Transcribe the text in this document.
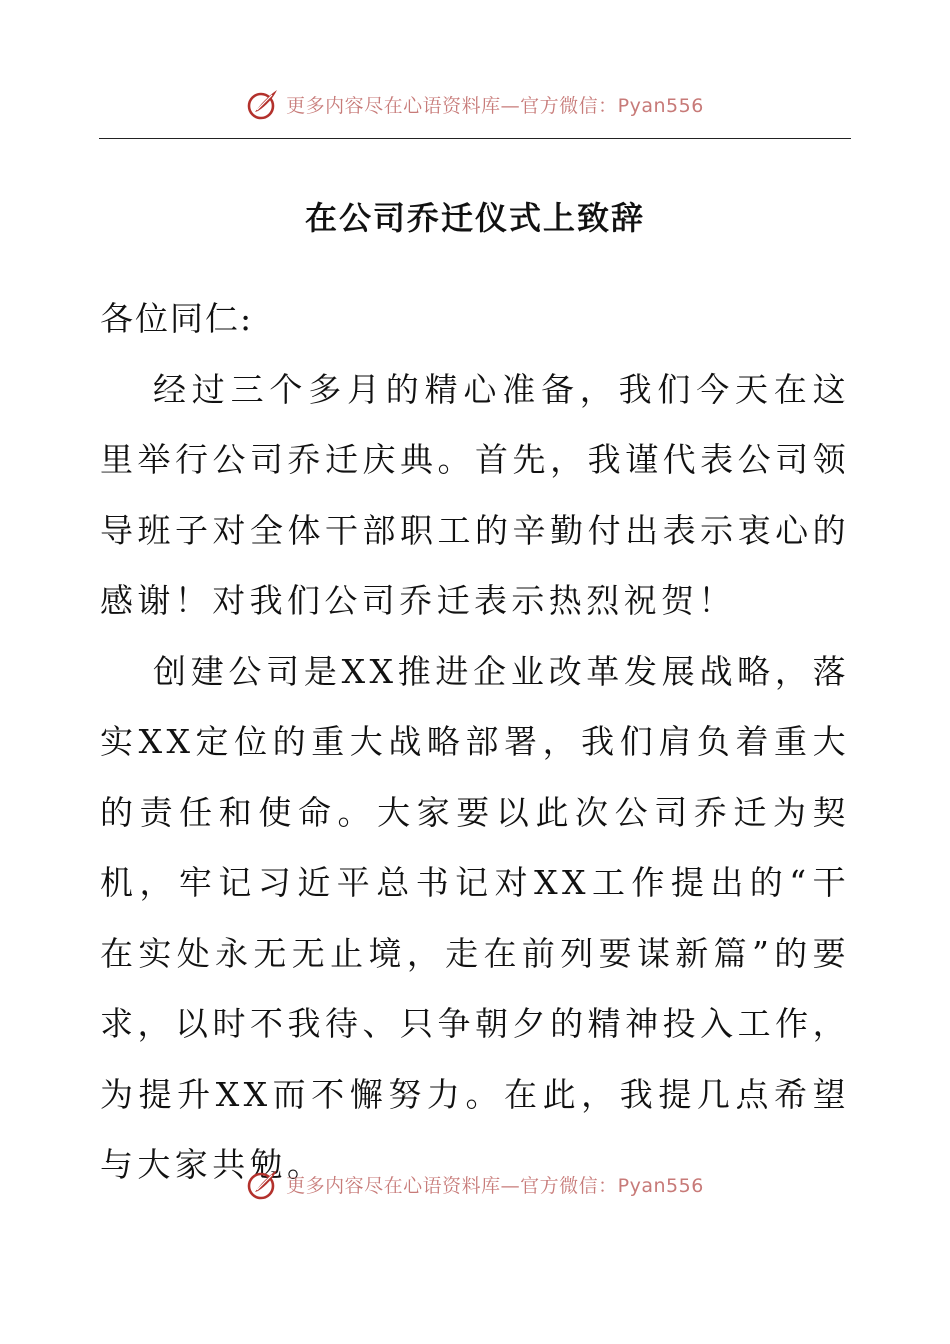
更多内容尽在心语资料库—官方微信：Pyan556
在公司乔迁仪式上致辞

各位同仁:

经过三个多月的精心准备，我们今天在这里举行公司乔迁庆典。首先，我谨代表公司领导班子对全体干部职工的辛勤付出表示衷心的感谢！对我们公司乔迁表示热烈祝贺！

创建公司是XX推进企业改革发展战略，落实XX定位的重大战略部署，我们肩负着重大的责任和使命。大家要以此次公司乔迁为契机，牢记习近平总书记对XX工作提出的“干在实处永无无止境，走在前列要谋新篇”的要求，以时不我待、只争朝夕的精神投入工作，为提升XX而不懈努力。在此，我提几点希望与大家共勉。

更多内容尽在心语资料库—官方微信：Pyan556
